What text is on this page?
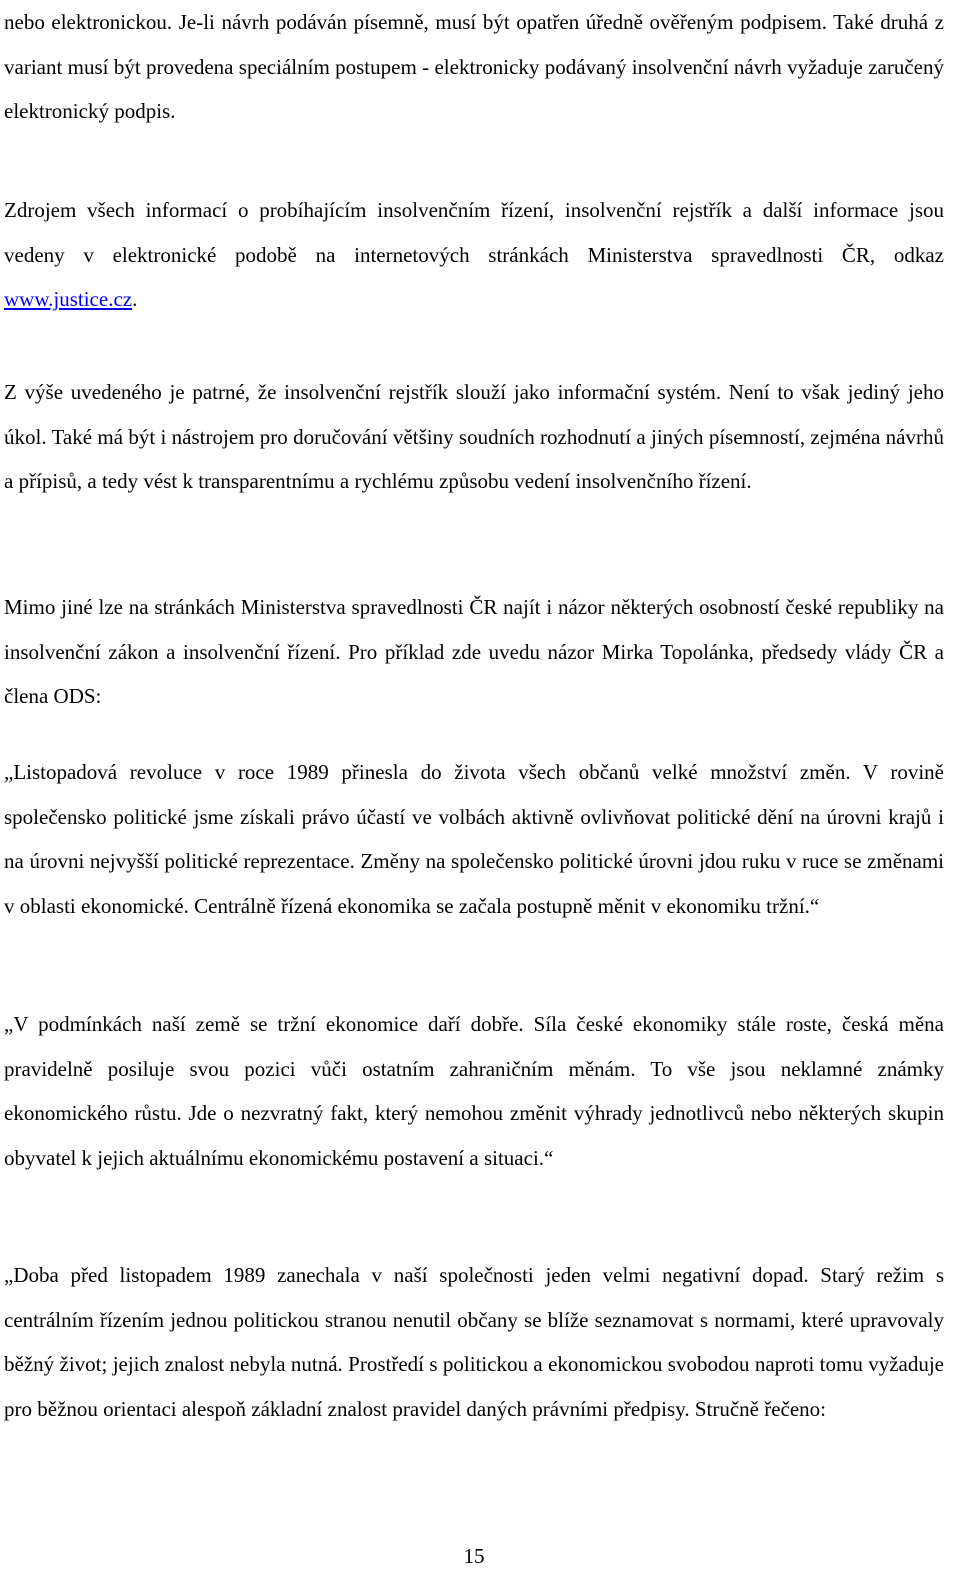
nebo elektronickou. Je-li návrh podáván písemně, musí být opatřen úředně ověřeným podpisem. Také druhá z variant musí být provedena speciálním postupem - elektronicky podávaný insolvenční návrh vyžaduje zaručený elektronický podpis.

Zdrojem všech informací o probíhajícím insolvenčním řízení, insolvenční rejstřík a další informace jsou vedeny v elektronické podobě na internetových stránkách Ministerstva spravedlnosti ČR, odkaz www.justice.cz.

Z výše uvedeného je patrné, že insolvenční rejstřík slouží jako informační systém. Není to však jediný jeho úkol. Také má být i nástrojem pro doručování většiny soudních rozhodnutí a jiných písemností, zejména návrhů a přípisů, a tedy vést k transparentnímu a rychlému způsobu vedení insolvenčního řízení.

Mimo jiné lze na stránkách Ministerstva spravedlnosti ČR najít i názor některých osobností české republiky na insolvenční zákon a insolvenční řízení. Pro příklad zde uvedu názor Mirka Topolánka, předsedy vlády ČR a člena ODS:

„Listopadová revoluce v roce 1989 přinesla do života všech občanů velké množství změn. V rovině společensko politické jsme získali právo účastí ve volbách aktivně ovlivňovat politické dění na úrovni krajů i na úrovni nejvyšší politické reprezentace. Změny na společensko politické úrovni jdou ruku v ruce se změnami v oblasti ekonomické. Centrálně řízená ekonomika se začala postupně měnit v ekonomiku tržní.“

„V podmínkách naší země se tržní ekonomice daří dobře. Síla české ekonomiky stále roste, česká měna pravidelně posiluje svou pozici vůči ostatním zahraničním měnám. To vše jsou neklamné známky ekonomického růstu. Jde o nezvratný fakt, který nemohou změnit výhrady jednotlivců nebo některých skupin obyvatel k jejich aktuálnímu ekonomickému postavení a situaci.“

„Doba před listopadem 1989 zanechala v naší společnosti jeden velmi negativní dopad. Starý režim s centrálním řízením jednou politickou stranou nenutil občany se blíže seznamovat s normami, které upravovaly běžný život; jejich znalost nebyla nutná. Prostředí s politickou a ekonomickou svobodou naproti tomu vyžaduje pro běžnou orientaci alespoň základní znalost pravidel daných právními předpisy. Stručně řečeno:

15
